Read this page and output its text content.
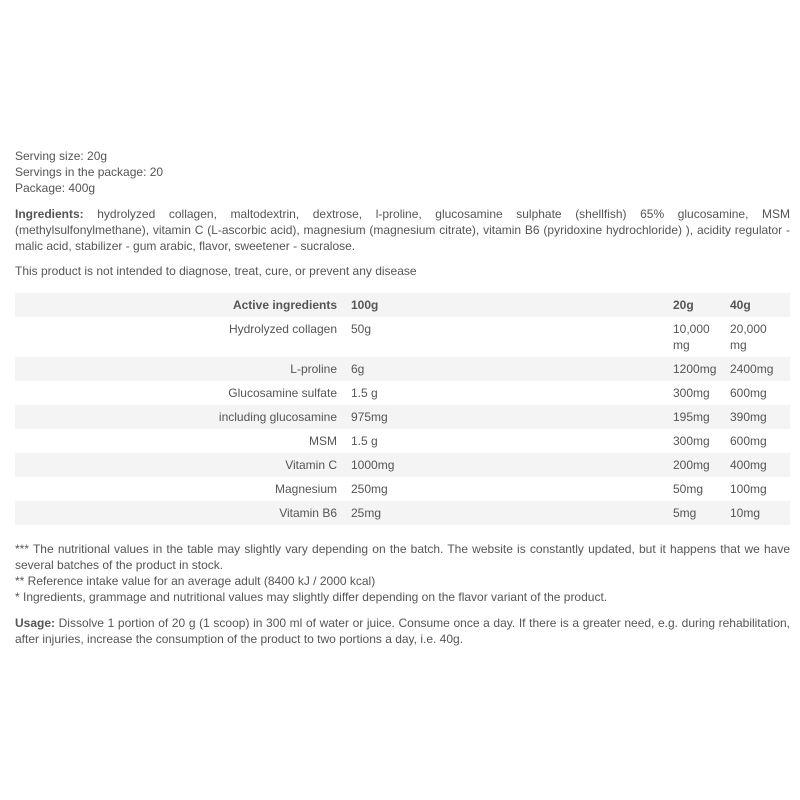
Serving size: 20g
Servings in the package: 20
Package: 400g
Ingredients: hydrolyzed collagen, maltodextrin, dextrose, l-proline, glucosamine sulphate (shellfish) 65% glucosamine, MSM (methylsulfonylmethane), vitamin C (L-ascorbic acid), magnesium (magnesium citrate), vitamin B6 (pyridoxine hydrochloride) ), acidity regulator - malic acid, stabilizer - gum arabic, flavor, sweetener - sucralose.
This product is not intended to diagnose, treat, cure, or prevent any disease
Active ingredients	100g	20g	40g
Hydrolyzed collagen	50g	10,000 mg	20,000 mg
L-proline	6g	1200mg	2400mg
Glucosamine sulfate	1.5 g	300mg	600mg
including glucosamine	975mg	195mg	390mg
MSM	1.5 g	300mg	600mg
Vitamin C	1000mg	200mg	400mg
Magnesium	250mg	50mg	100mg
Vitamin B6	25mg	5mg	10mg
*** The nutritional values in the table may slightly vary depending on the batch. The website is constantly updated, but it happens that we have several batches of the product in stock.
** Reference intake value for an average adult (8400 kJ / 2000 kcal)
* Ingredients, grammage and nutritional values may slightly differ depending on the flavor variant of the product.
Usage: Dissolve 1 portion of 20 g (1 scoop) in 300 ml of water or juice. Consume once a day. If there is a greater need, e.g. during rehabilitation, after injuries, increase the consumption of the product to two portions a day, i.e. 40g.
